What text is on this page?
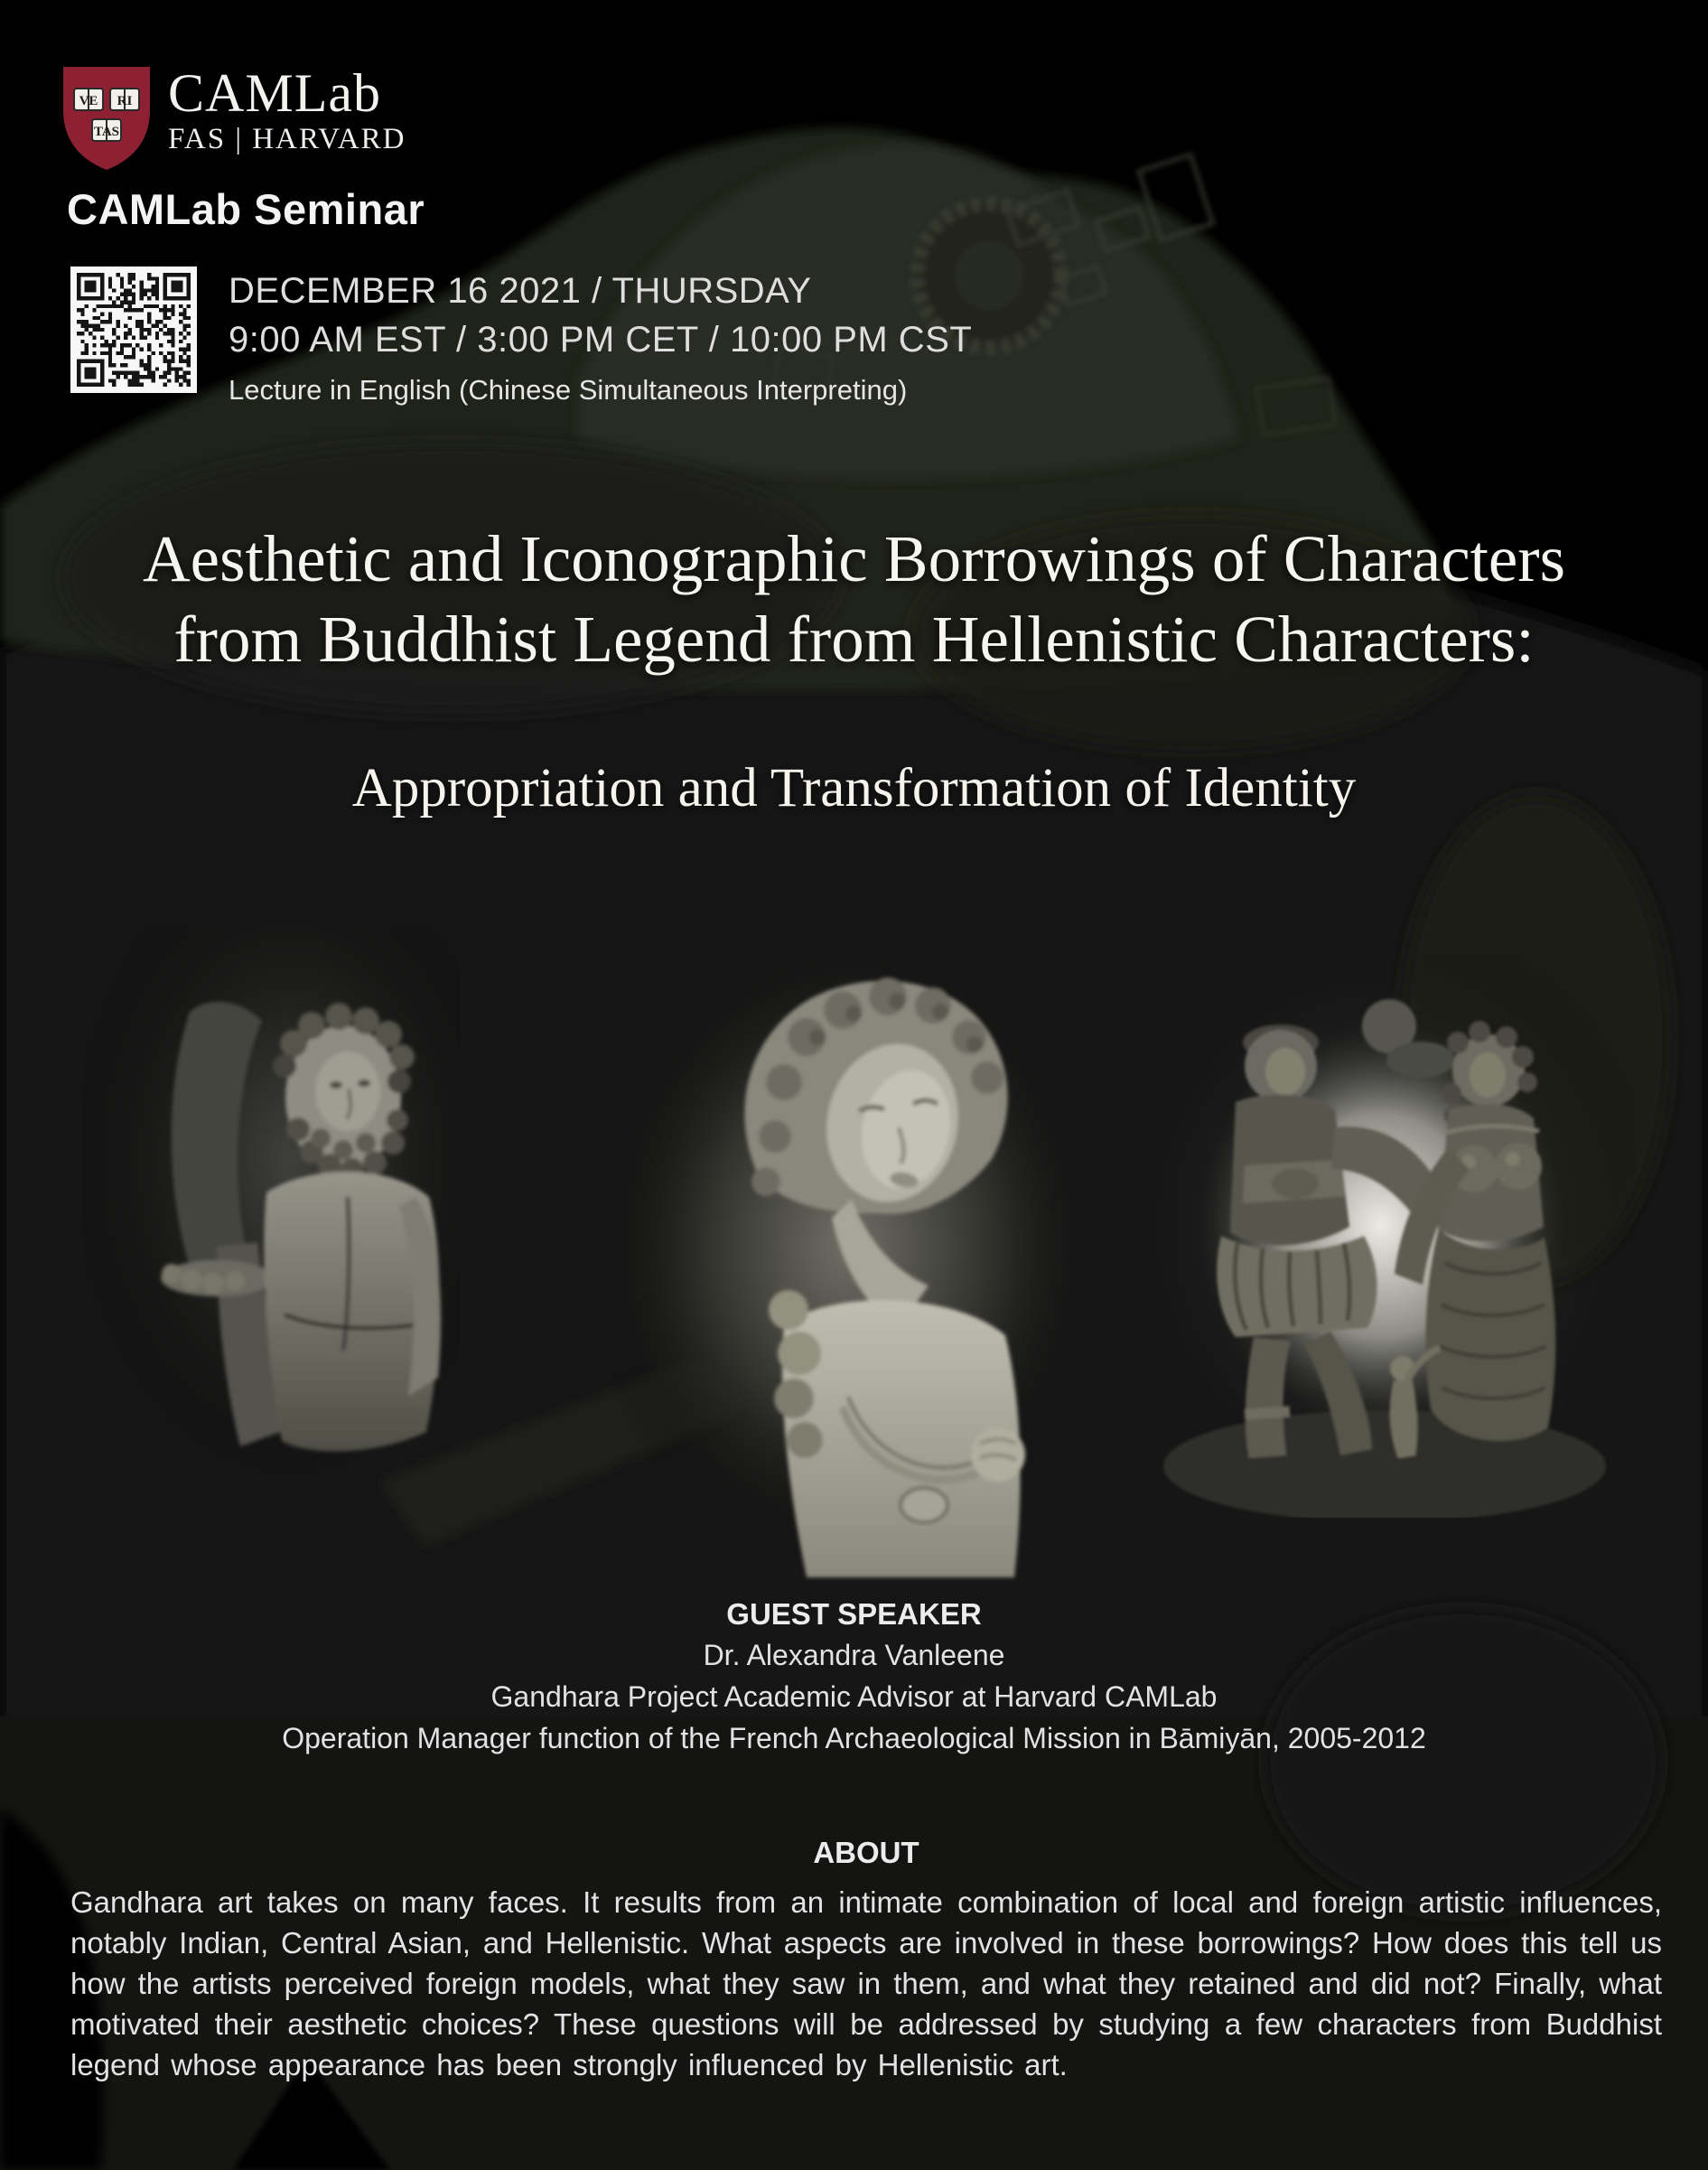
VE RI
TAS
CAMLab
FAS | HARVARD
CAMLab Seminar
DECEMBER 16 2021 / THURSDAY
9:00 AM EST / 3:00 PM CET / 10:00 PM CST
Lecture in English (Chinese Simultaneous Interpreting)
Aesthetic and Iconographic Borrowings of Characters
from Buddhist Legend from Hellenistic Characters:
Appropriation and Transformation of Identity
GUEST SPEAKER
Dr. Alexandra Vanleene
Gandhara Project Academic Advisor at Harvard CAMLab
Operation Manager function of the French Archaeological Mission in Bāmiyān, 2005-2012
ABOUT

Gandhara art takes on many faces. It results from an intimate combination of local and foreign artistic influences, notably Indian, Central Asian, and Hellenistic. What aspects are involved in these borrowings? How does this tell us how the artists perceived foreign models, what they saw in them, and what they retained and did not? Finally, what motivated their aesthetic choices? These questions will be addressed by studying a few characters from Buddhist legend whose appearance has been strongly influenced by Hellenistic art.
